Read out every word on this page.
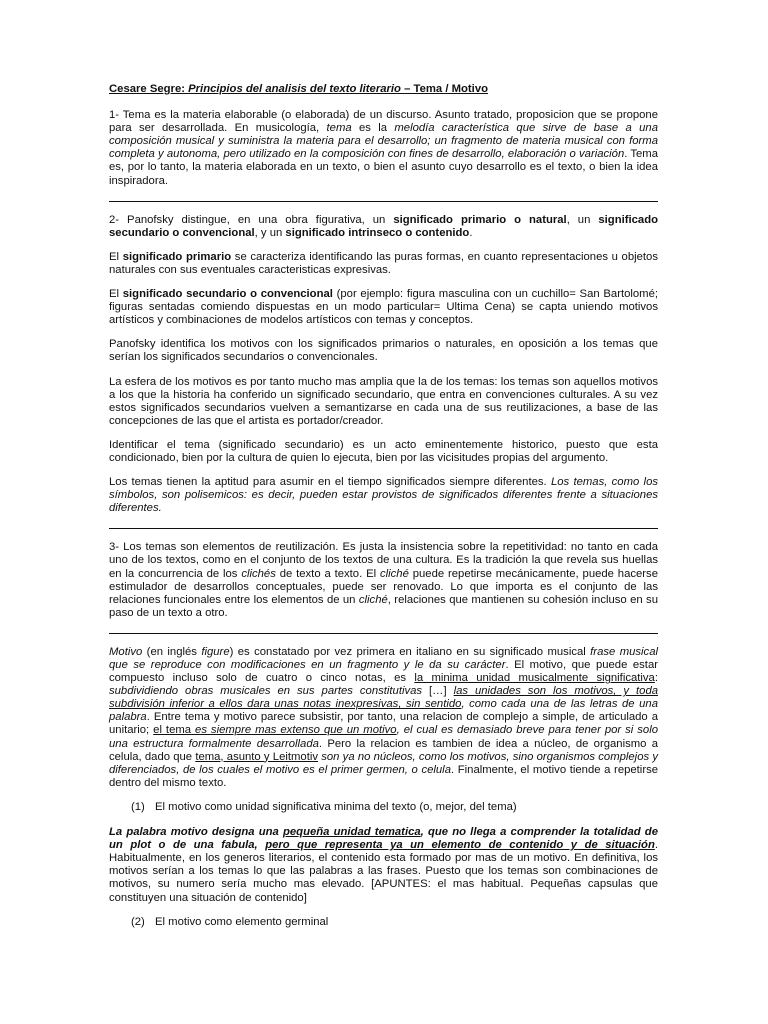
Cesare Segre: Principios del analisis del texto literario – Tema / Motivo

1- Tema es la materia elaborable (o elaborada) de un discurso. Asunto tratado, proposicion que se propone para ser desarrollada. En musicología, tema es la melodía característica que sirve de base a una composición musical y suministra la materia para el desarrollo; un fragmento de materia musical con forma completa y autonoma, pero utilizado en la composición con fines de desarrollo, elaboración o variación. Tema es, por lo tanto, la materia elaborada en un texto, o bien el asunto cuyo desarrollo es el texto, o bien la idea inspiradora.

2- Panofsky distingue, en una obra figurativa, un significado primario o natural, un significado secundario o convencional, y un significado intrinseco o contenido.

El significado primario se caracteriza identificando las puras formas, en cuanto representaciones u objetos naturales con sus eventuales caracteristicas expresivas.

El significado secundario o convencional (por ejemplo: figura masculina con un cuchillo= San Bartolomé; figuras sentadas comiendo dispuestas en un modo particular= Ultima Cena) se capta uniendo motivos artísticos y combinaciones de modelos artísticos con temas y conceptos.

Panofsky identifica los motivos con los significados primarios o naturales, en oposición a los temas que serían los significados secundarios o convencionales.

La esfera de los motivos es por tanto mucho mas amplia que la de los temas: los temas son aquellos motivos a los que la historia ha conferido un significado secundario, que entra en convenciones culturales. A su vez estos significados secundarios vuelven a semantizarse en cada una de sus reutilizaciones, a base de las concepciones de las que el artista es portador/creador.

Identificar el tema (significado secundario) es un acto eminentemente historico, puesto que esta condicionado, bien por la cultura de quien lo ejecuta, bien por las vicisitudes propias del argumento.

Los temas tienen la aptitud para asumir en el tiempo significados siempre diferentes. Los temas, como los símbolos, son polisemicos: es decir, pueden estar provistos de significados diferentes frente a situaciones diferentes.

3- Los temas son elementos de reutilización. Es justa la insistencia sobre la repetitividad: no tanto en cada uno de los textos, como en el conjunto de los textos de una cultura. Es la tradición la que revela sus huellas en la concurrencia de los clichés de texto a texto. El cliché puede repetirse mecánicamente, puede hacerse estimulador de desarrollos conceptuales, puede ser renovado. Lo que importa es el conjunto de las relaciones funcionales entre los elementos de un cliché, relaciones que mantienen su cohesión incluso en su paso de un texto a otro.

Motivo (en inglés figure) es constatado por vez primera en italiano en su significado musical frase musical que se reproduce con modificaciones en un fragmento y le da su carácter. El motivo, que puede estar compuesto incluso solo de cuatro o cinco notas, es la minima unidad musicalmente significativa: subdividiendo obras musicales en sus partes constitutivas […] las unidades son los motivos, y toda subdivisión inferior a ellos dara unas notas inexpresivas, sin sentido, como cada una de las letras de una palabra. Entre tema y motivo parece subsistir, por tanto, una relacion de complejo a simple, de articulado a unitario; el tema es siempre mas extenso que un motivo, el cual es demasiado breve para tener por si solo una estructura formalmente desarrollada. Pero la relacion es tambien de idea a núcleo, de organismo a celula, dado que tema, asunto y Leitmotiv son ya no núcleos, como los motivos, sino organismos complejos y diferenciados, de los cuales el motivo es el primer germen, o celula. Finalmente, el motivo tiende a repetirse dentro del mismo texto.

(1) El motivo como unidad significativa minima del texto (o, mejor, del tema)

La palabra motivo designa una pequeña unidad tematica, que no llega a comprender la totalidad de un plot o de una fabula, pero que representa ya un elemento de contenido y de situación. Habitualmente, en los generos literarios, el contenido esta formado por mas de un motivo. En definitiva, los motivos serían a los temas lo que las palabras a las frases. Puesto que los temas son combinaciones de motivos, su numero sería mucho mas elevado. [APUNTES: el mas habitual. Pequeñas capsulas que constituyen una situación de contenido]

(2) El motivo como elemento germinal
